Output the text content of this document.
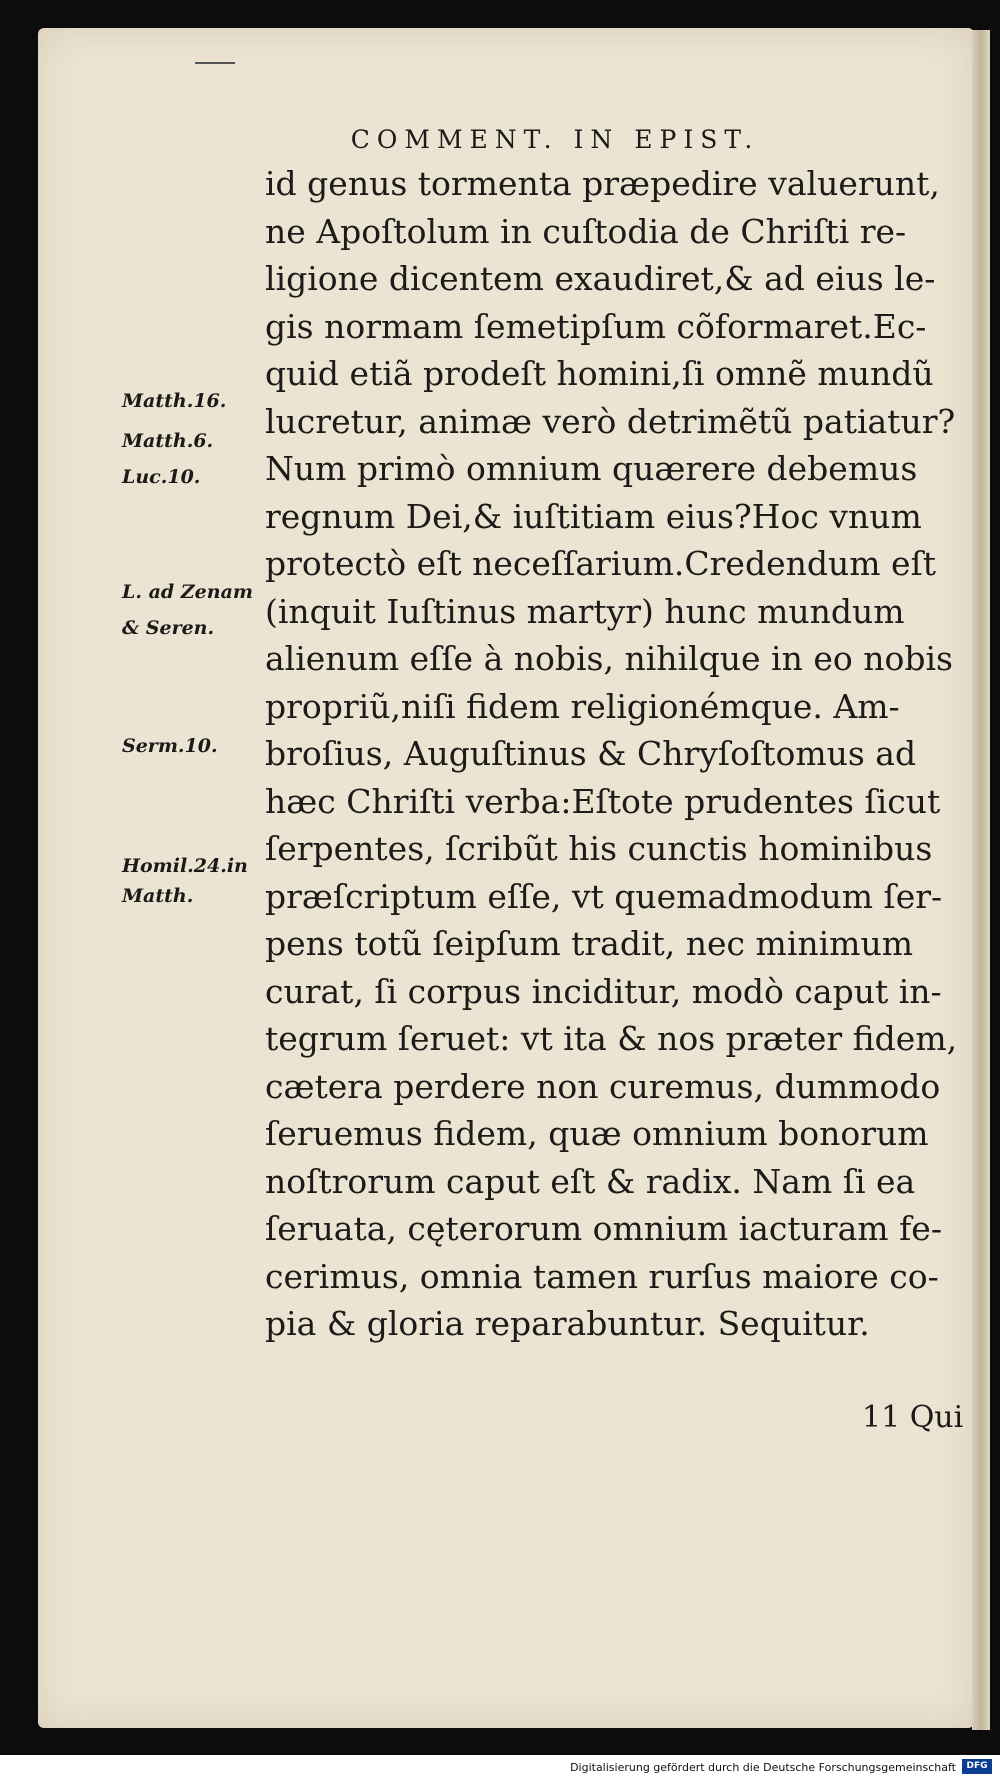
COMMENT. IN EPIST.
id genus tormenta præpedire valuerunt,
ne Apoſtolum in cuſtodia de Chriſti re-
ligione dicentem exaudiret,& ad eius le-
gis normam ſemetipſum cõformaret.Ec-
quid etiã prodeſt homini,ſi omnẽ mundũ
lucretur, animæ verò detrimẽtũ patiatur?
Num primò omnium quærere debemus
regnum Dei,& iuſtitiam eius?Hoc vnum
protectò eſt neceſſarium.Credendum eſt
(inquit Iuſtinus martyr) hunc mundum
alienum eſſe à nobis, nihilque in eo nobis
propriũ,niſi fidem religionémque. Am-
broſius, Auguſtinus & Chryſoſtomus ad
hæc Chriſti verba:Eſtote prudentes ſicut
ſerpentes, ſcribũt his cunctis hominibus
præſcriptum eſſe, vt quemadmodum ſer-
pens totũ ſeipſum tradit, nec minimum
curat, ſi corpus inciditur, modò caput in-
tegrum ſeruet: vt ita & nos præter fidem,
cætera perdere non curemus, dummodo
ſeruemus fidem, quæ omnium bonorum
noſtrorum caput eſt & radix. Nam ſi ea
ſeruata, cęterorum omnium iacturam fe-
cerimus, omnia tamen rurſus maiore co-
pia & gloria reparabuntur. Sequitur.
Matth.16.
Matth.6.
Luc.10.
L. ad Zenam
& Seren.
Serm.10.
Homil.24.in
Matth.
11 Qui
Digitalisierung gefördert durch die Deutsche Forschungsgemeinschaft	DFG
